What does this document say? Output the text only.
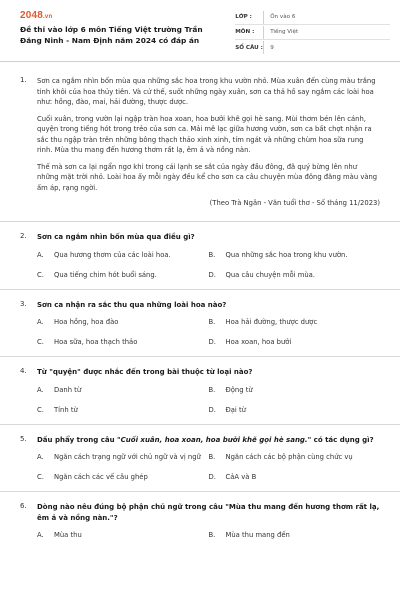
2048.vn
Đề thi vào lớp 6 môn Tiếng Việt trường Trần Đăng Ninh - Nam Định năm 2024 có đáp án
LỚP :	Ôn vào 6
MÔN :	Tiếng Việt
SỐ CÂU : 9
1.	Sơn ca ngắm nhìn bốn mùa qua những sắc hoa trong khu vườn nhỏ. Mùa xuân đến cùng màu trắng tinh khôi của hoa thủy tiên. Và cứ thế, suốt những ngày xuân, sơn ca thả hồ say ngắm các loài hoa như: hồng, đào, mai, hải đường, thược dược.

Cuối xuân, trong vườn lại ngập tràn hoa xoan, hoa bưởi khẽ gọi hè sang. Mùi thơm bén lên cánh, quyện trong tiếng hót trong trẻo của sơn ca. Mải mê lạc giữa hương vườn, sơn ca bất chợt nhận ra sắc thu ngập tràn trên những bông thạch thảo xinh xinh, tím ngát và những chùm hoa sữa rung rinh. Mùa thu mang đến hương thơm rất lạ, êm ả và nồng nàn.

Thế mà sơn ca lại ngẩn ngơ khi trong cái lạnh se sắt của ngày đầu đông, đã quý bừng lên như những mặt trời nhỏ. Loài hoa ấy mỗi ngày đều kể cho sơn ca câu chuyện mùa đông đăng màu vàng ấm áp, rạng ngời.

(Theo Trà Ngân - Văn tuổi thơ - Số tháng 11/2023)

2.	Sơn ca ngắm nhìn bốn mùa qua điều gì?
A.	Qua hương thơm của các loài hoa.	B.	Qua những sắc hoa trong khu vườn.
C.	Qua tiếng chim hót buổi sáng.	D.	Qua câu chuyện mỗi mùa.
3.	Sơn ca nhận ra sắc thu qua những loài hoa nào?
A.	Hoa hồng, hoa đào	B.	Hoa hải đường, thược dược
C.	Hoa sữa, hoa thạch thảo	D.	Hoa xoan, hoa bưởi
4.	Từ "quyện" được nhắc đến trong bài thuộc từ loại nào?
A.	Danh từ	B.	Động từ
C.	Tính từ	D.	Đại từ
5.	Dấu phẩy trong câu "Cuối xuân, hoa xoan, hoa bưởi khẽ gọi hè sang." có tác dụng gì?
A.	Ngăn cách trạng ngữ với chủ ngữ và vị ngữ B.	Ngăn cách các bộ phận cùng chức vụ
C.	Ngăn cách các vế câu ghép	D.	CảA và B
6.	Dòng nào nêu đúng bộ phận chủ ngữ trong câu "Mùa thu mang đến hương thơm rất lạ, êm ả và nồng nàn."?
A.	Mùa thu	B.	Mùa thu mang đến
